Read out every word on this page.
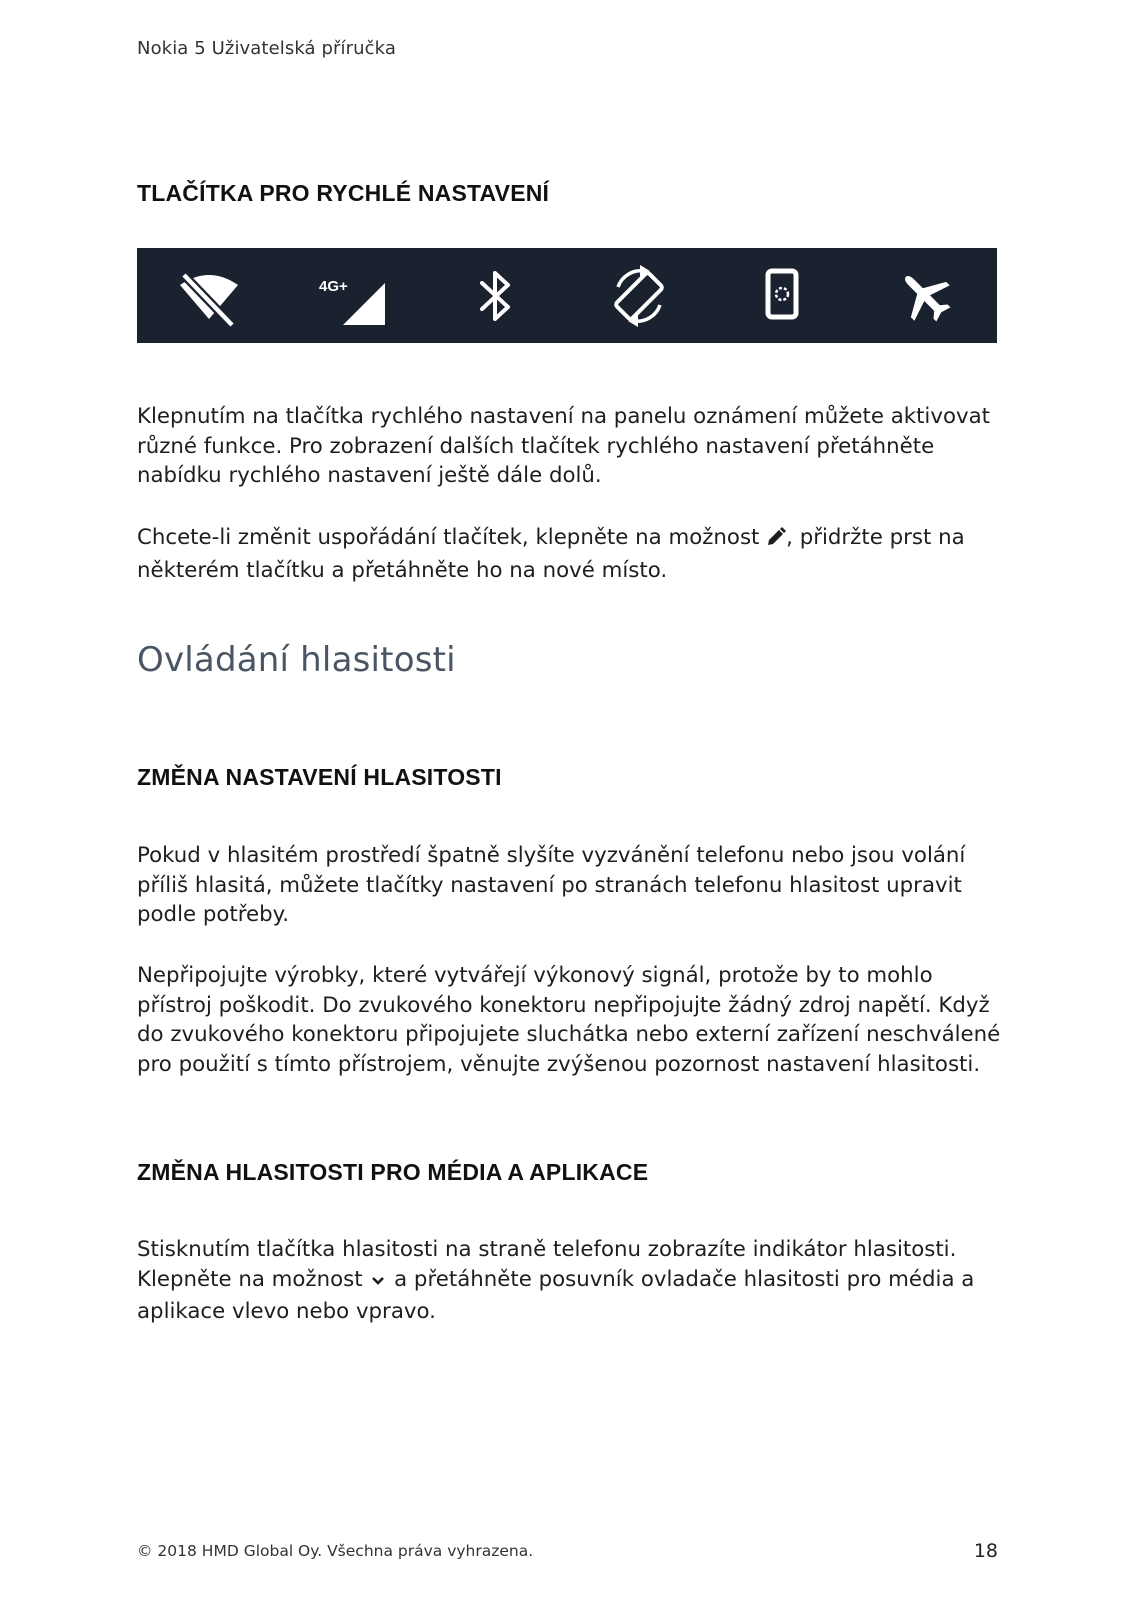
Nokia 5 Uživatelská příručka
TLAČÍTKA PRO RYCHLÉ NASTAVENÍ
4G+

Klepnutím na tlačítka rychlého nastavení na panelu oznámení můžete aktivovat různé funkce. Pro zobrazení dalších tlačítek rychlého nastavení přetáhněte nabídku rychlého nastavení ještě dále dolů.

Chcete-li změnit uspořádání tlačítek, klepněte na možnost , přidržte prst na některém tlačítku a přetáhněte ho na nové místo.

Ovládání hlasitosti
ZMĚNA NASTAVENÍ HLASITOSTI

Pokud v hlasitém prostředí špatně slyšíte vyzvánění telefonu nebo jsou volání příliš hlasitá, můžete tlačítky nastavení po stranách telefonu hlasitost upravit podle potřeby.

Nepřipojujte výrobky, které vytvářejí výkonový signál, protože by to mohlo přístroj poškodit. Do zvukového konektoru nepřipojujte žádný zdroj napětí. Když do zvukového konektoru připojujete sluchátka nebo externí zařízení neschválené pro použití s tímto přístrojem, věnujte zvýšenou pozornost nastavení hlasitosti.

ZMĚNA HLASITOSTI PRO MÉDIA A APLIKACE

Stisknutím tlačítka hlasitosti na straně telefonu zobrazíte indikátor hlasitosti.
Klepněte na možnost  a přetáhněte posuvník ovladače hlasitosti pro média a aplikace vlevo nebo vpravo.

© 2018 HMD Global Oy. Všechna práva vyhrazena.	18
